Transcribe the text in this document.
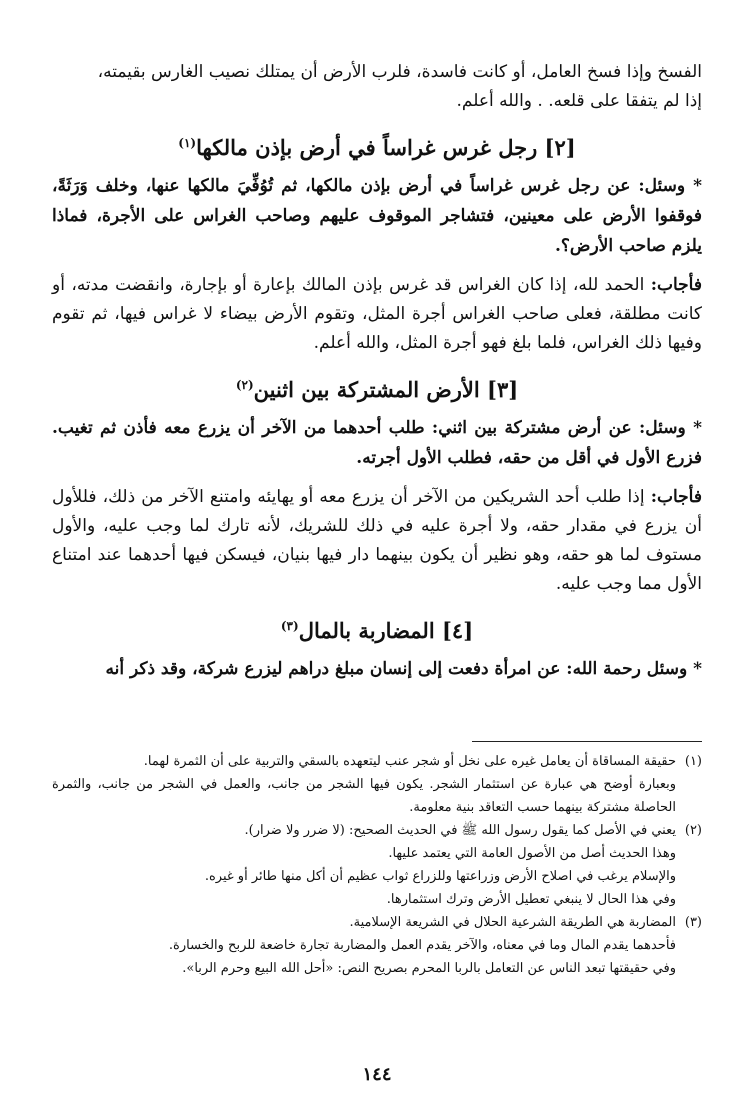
الفسخ وإذا فسخ العامل، أو كانت فاسدة، فلرب الأرض أن يمتلك نصيب الغارس بقيمته،

إذا لم يتفقا على قلعه. . والله أعلم.

[٢] رجل غرس غراساً في أرض بإذن مالكها$^{(١)}$

* وسئل: عن رجل غرس غراساً في أرض بإذن مالكها، ثم تُوُفِّيَ مالكها عنها، وخلف وَرَثَةً، فوقفوا الأرض على معينين، فتشاجر الموقوف عليهم وصاحب الغراس على الأجرة، فماذا يلزم صاحب الأرض؟.

فأجاب: الحمد لله، إذا كان الغراس قد غرس بإذن المالك بإعارة أو بإجارة، وانقضت مدته، أو كانت مطلقة، فعلى صاحب الغراس أجرة المثل، وتقوم الأرض بيضاء لا غراس فيها، ثم تقوم وفيها ذلك الغراس، فلما بلغ فهو أجرة المثل، والله أعلم.

[٣] الأرض المشتركة بين اثنين$^{(٢)}$

* وسئل: عن أرض مشتركة بين اثني: طلب أحدهما من الآخر أن يزرع معه فأذن ثم تغيب. فزرع الأول في أقل من حقه، فطلب الأول أجرته.

فأجاب: إذا طلب أحد الشريكين من الآخر أن يزرع معه أو يهايئه وامتنع الآخر من ذلك، فللأول أن يزرع في مقدار حقه، ولا أجرة عليه في ذلك للشريك، لأنه تارك لما وجب عليه، والأول مستوف لما هو حقه، وهو نظير أن يكون بينهما دار فيها بنيان، فيسكن فيها أحدهما عند امتناع الأول مما وجب عليه.

[٤] المضاربة بالمال$^{(٣)}$

* وسئل رحمة الله: عن امرأة دفعت إلى إنسان مبلغ دراهم ليزرع شركة، وقد ذكر أنه

(١)حقيقة المساقاة أن يعامل غيره على نخل أو شجر عنب ليتعهده بالسقي والتربية على أن الثمرة لهما.

وبعبارة أوضح هي عبارة عن استثمار الشجر. يكون فيها الشجر من جانب، والعمل في الشجر من جانب، والثمرة الحاصلة مشتركة بينهما حسب التعاقد بنية معلومة.

(٢)يعني في الأصل كما يقول رسول الله ﷺ في الحديث الصحيح: (لا ضرر ولا ضرار).

وهذا الحديث أصل من الأصول العامة التي يعتمد عليها.

والإسلام يرغب في اصلاح الأرض وزراعتها وللزراع ثواب عظيم أن أكل منها طائر أو غيره.

وفي هذا الحال لا ينبغي تعطيل الأرض وترك استثمارها.

(٣)المضاربة هي الطريقة الشرعية الحلال في الشريعة الإسلامية.

فأحدهما يقدم المال وما في معناه، والآخر يقدم العمل والمضاربة تجارة خاضعة للربح والخسارة.

وفي حقيقتها تبعد الناس عن التعامل بالربا المحرم بصريح النص: «أحل الله البيع وحرم الربا».

١٤٤
